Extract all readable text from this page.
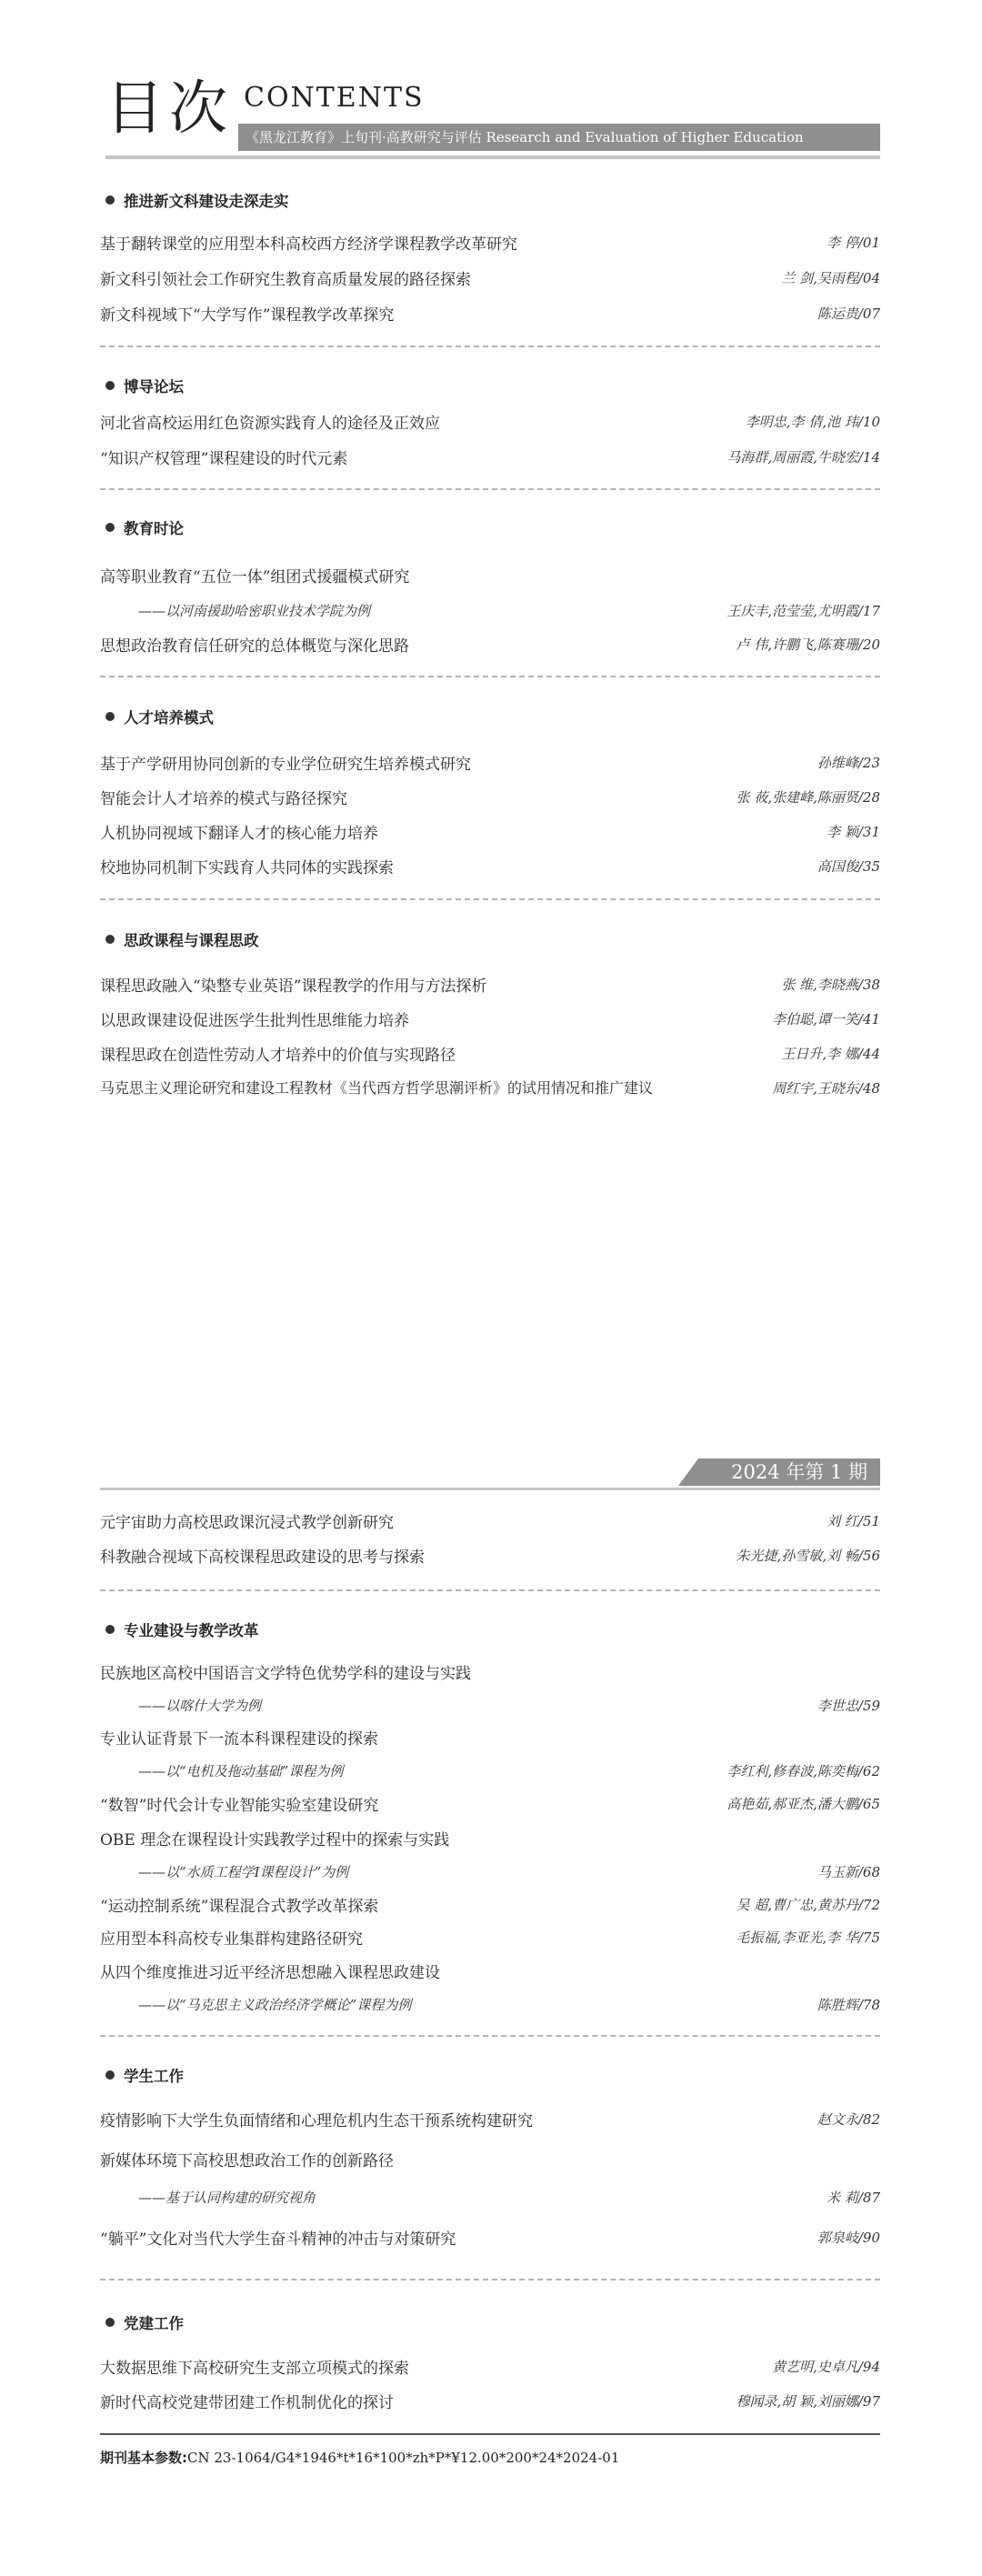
目次 CONTENTS
《黑龙江教育》上旬刊·高教研究与评估 Research and Evaluation of Higher Education
推进新文科建设走深走实
基于翻转课堂的应用型本科高校西方经济学课程教学改革研究	李 停/01
新文科引领社会工作研究生教育高质量发展的路径探索	兰 剑,吴雨程/04
新文科视域下“大学写作”课程教学改革探究	陈运贵/07
博导论坛
河北省高校运用红色资源实践育人的途径及正效应	李明忠,李 倩,池 玮/10
“知识产权管理”课程建设的时代元素	马海群,周丽霞,牛晓宏/14
教育时论
高等职业教育“五位一体”组团式援疆模式研究
——以河南援助哈密职业技术学院为例	王庆丰,范莹莹,尤明霞/17
思想政治教育信任研究的总体概览与深化思路	卢 伟,许鹏飞,陈赛珊/20
人才培养模式
基于产学研用协同创新的专业学位研究生培养模式研究	孙维峰/23
智能会计人才培养的模式与路径探究	张 莜,张建峰,陈丽贤/28
人机协同视域下翻译人才的核心能力培养	李 颖/31
校地协同机制下实践育人共同体的实践探索	高国俊/35
思政课程与课程思政
课程思政融入“染整专业英语”课程教学的作用与方法探析	张 维,李晓燕/38
以思政课建设促进医学生批判性思维能力培养	李伯聪,谭一笑/41
课程思政在创造性劳动人才培养中的价值与实现路径	王日升,李 娜/44
马克思主义理论研究和建设工程教材《当代西方哲学思潮评析》的试用情况和推广建议	周红宇,王晓东/48
2024 年第 1 期
元宇宙助力高校思政课沉浸式教学创新研究	刘 红/51
科教融合视域下高校课程思政建设的思考与探索	朱光捷,孙雪敏,刘 畅/56
专业建设与教学改革
民族地区高校中国语言文学特色优势学科的建设与实践
——以喀什大学为例	李世忠/59
专业认证背景下一流本科课程建设的探索
——以“电机及拖动基础”课程为例	李红利,修春波,陈奕梅/62
“数智”时代会计专业智能实验室建设研究	高艳茹,郝亚杰,潘大鹏/65
OBE 理念在课程设计实践教学过程中的探索与实践
——以“水质工程学Ⅰ课程设计”为例	马玉新/68
“运动控制系统”课程混合式教学改革探索	吴 超,曹广忠,黄苏丹/72
应用型本科高校专业集群构建路径研究	毛振福,李亚光,李 华/75
从四个维度推进习近平经济思想融入课程思政建设
——以“马克思主义政治经济学概论”课程为例	陈胜辉/78
学生工作
疫情影响下大学生负面情绪和心理危机内生态干预系统构建研究	赵文永/82
新媒体环境下高校思想政治工作的创新路径
——基于认同构建的研究视角	米 莉/87
“躺平”文化对当代大学生奋斗精神的冲击与对策研究	郭泉岐/90
党建工作
大数据思维下高校研究生支部立项模式的探索	黄艺明,史卓凡/94
新时代高校党建带团建工作机制优化的探讨	穆闻录,胡 颖,刘丽娜/97
期刊基本参数:CN 23-1064/G4*1946*t*16*100*zh*P*¥12.00*200*24*2024-01
